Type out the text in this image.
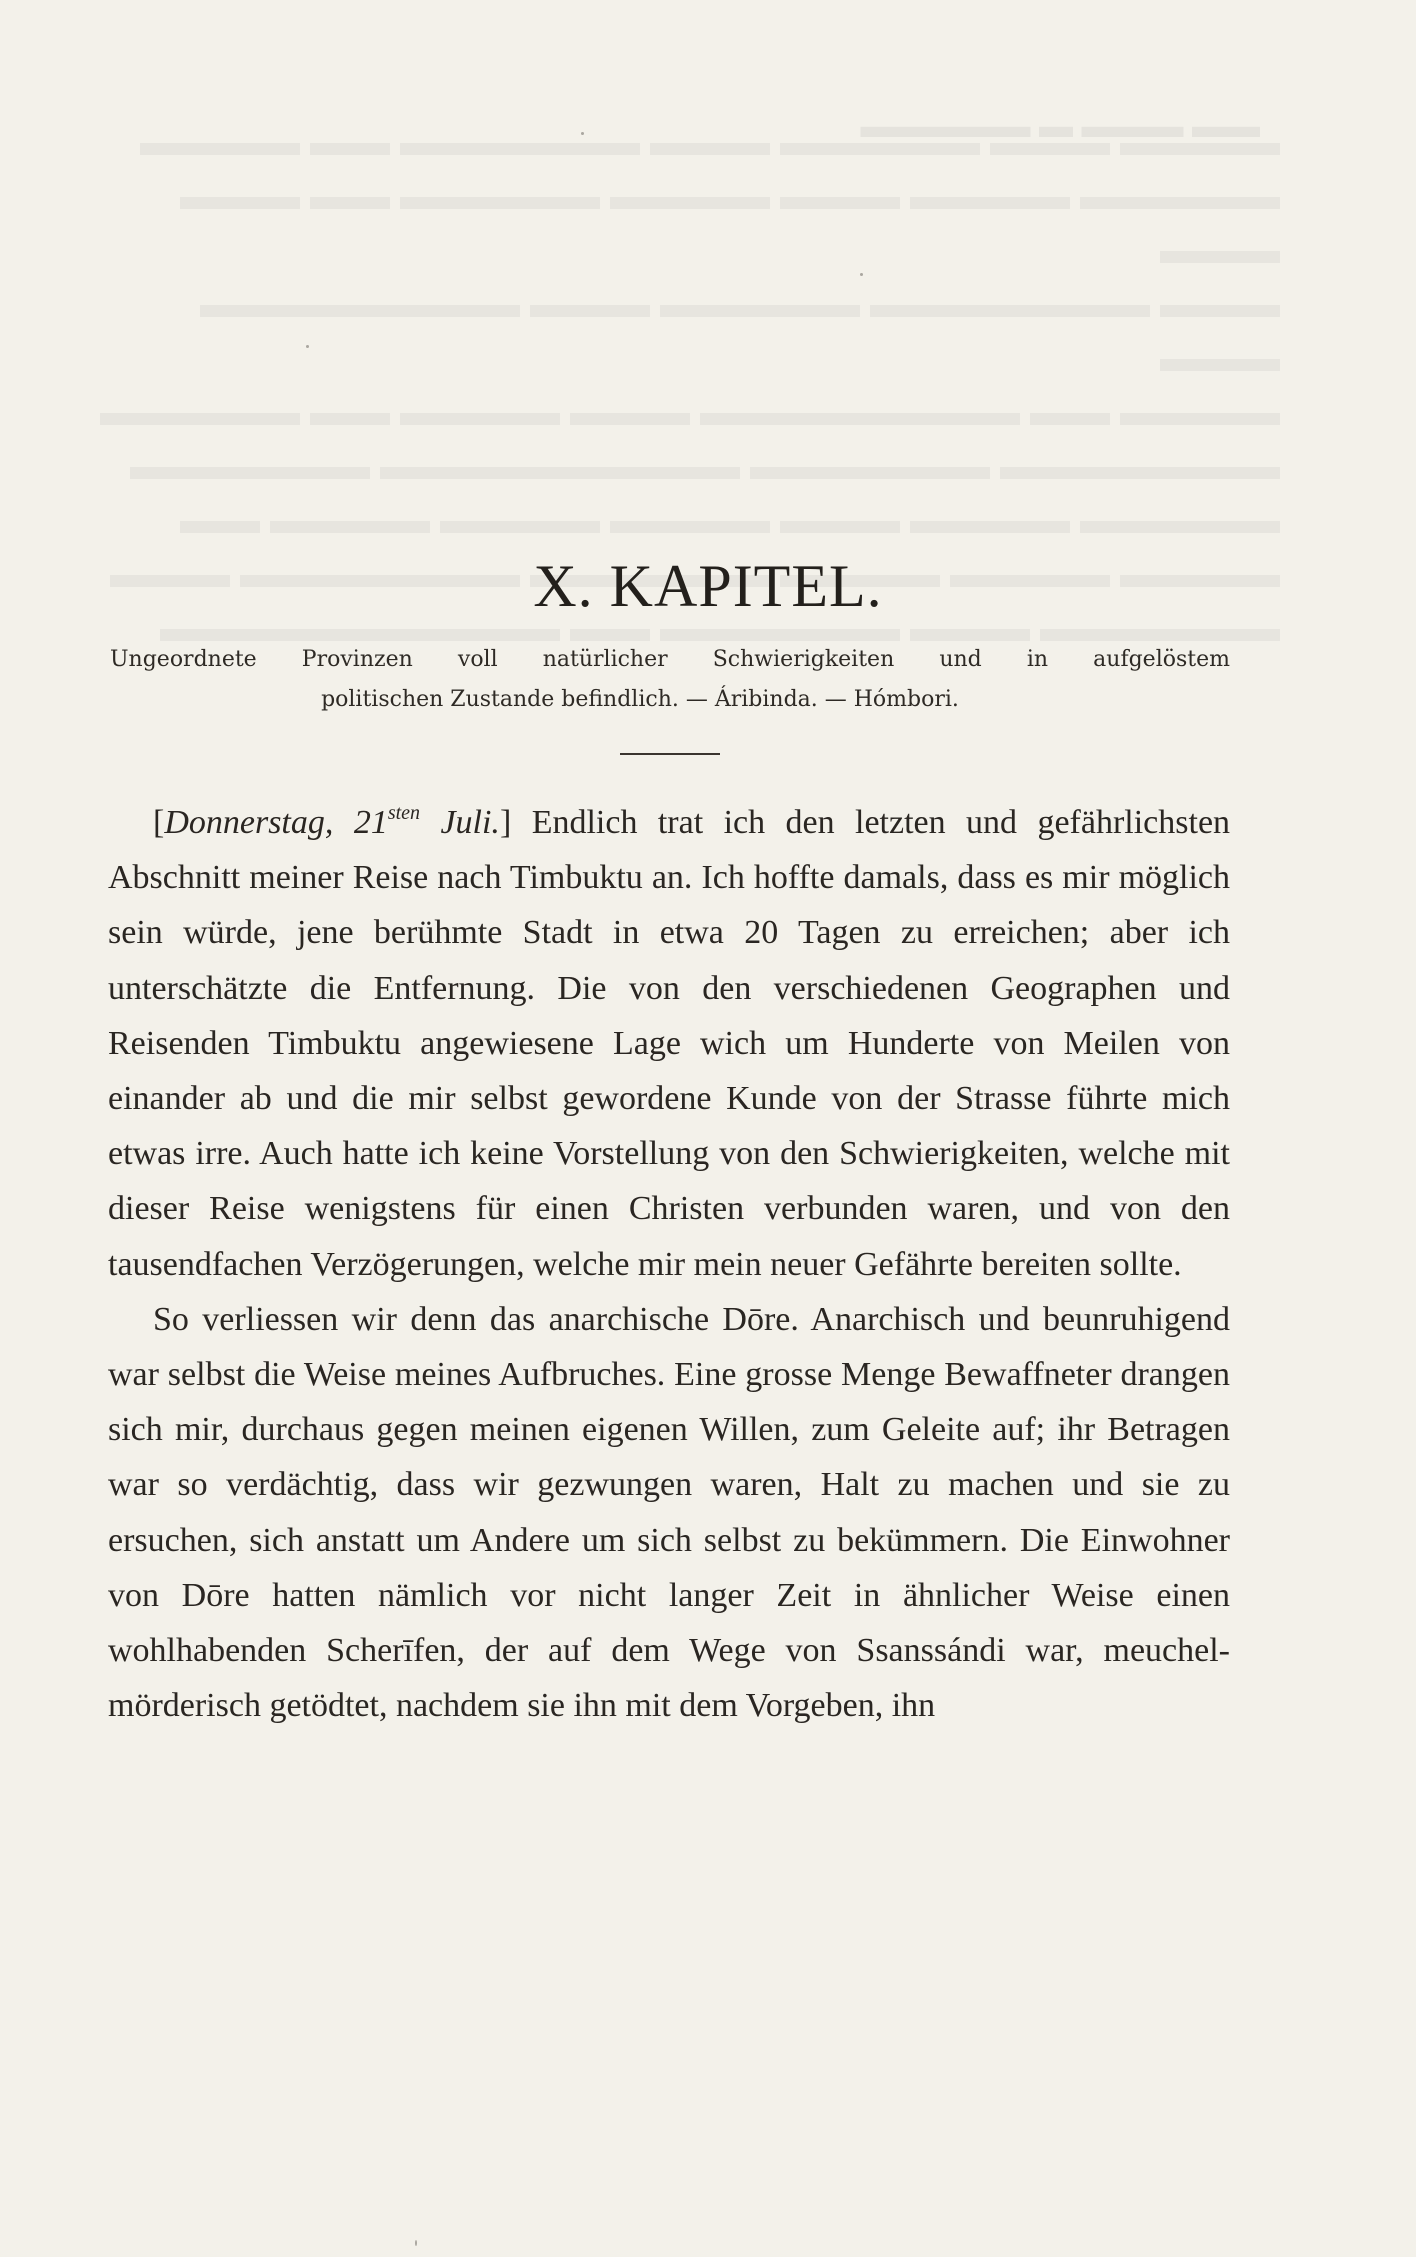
▬▬ ▬▬▬ ▬ ▬▬▬▬▬
X. KAPITEL.
Ungeordnete Provinzen voll natürlicher Schwierigkeiten und in aufgelöstem
politischen Zustande befindlich. — Áribinda. — Hómbori.

[Donnerstag, $21^{sten}$ Juli.] Endlich trat ich den letzten und gefährlichsten Abschnitt meiner Reise nach Timbuktu an. Ich hoffte damals, dass es mir möglich sein würde, jene berühmte Stadt in etwa 20 Tagen zu erreichen; aber ich unterschätzte die Entfernung. Die von den verschiedenen Geographen und Reisenden Timbuktu angewiesene Lage wich um Hunderte von Meilen von einander ab und die mir selbst gewordene Kunde von der Strasse führte mich etwas irre. Auch hatte ich keine Vorstellung von den Schwierigkeiten, welche mit dieser Reise wenigstens für einen Christen verbunden waren, und von den tausendfachen Verzögerungen, welche mir mein neuer Gefährte bereiten sollte.

So verliessen wir denn das anarchische Dōre. Anarchisch und beunruhigend war selbst die Weise meines Aufbruches. Eine grosse Menge Bewaffneter drangen sich mir, durchaus gegen meinen eigenen Willen, zum Geleite auf; ihr Betragen war so verdächtig, dass wir gezwungen waren, Halt zu machen und sie zu ersuchen, sich anstatt um Andere um sich selbst zu bekümmern. Die Einwohner von Dōre hatten nämlich vor nicht langer Zeit in ähnlicher Weise einen wohlhabenden Scherīfen, der auf dem Wege von Ssanssándi war, meuchelmörderisch getödtet, nachdem sie ihn mit dem Vorgeben, ihn
